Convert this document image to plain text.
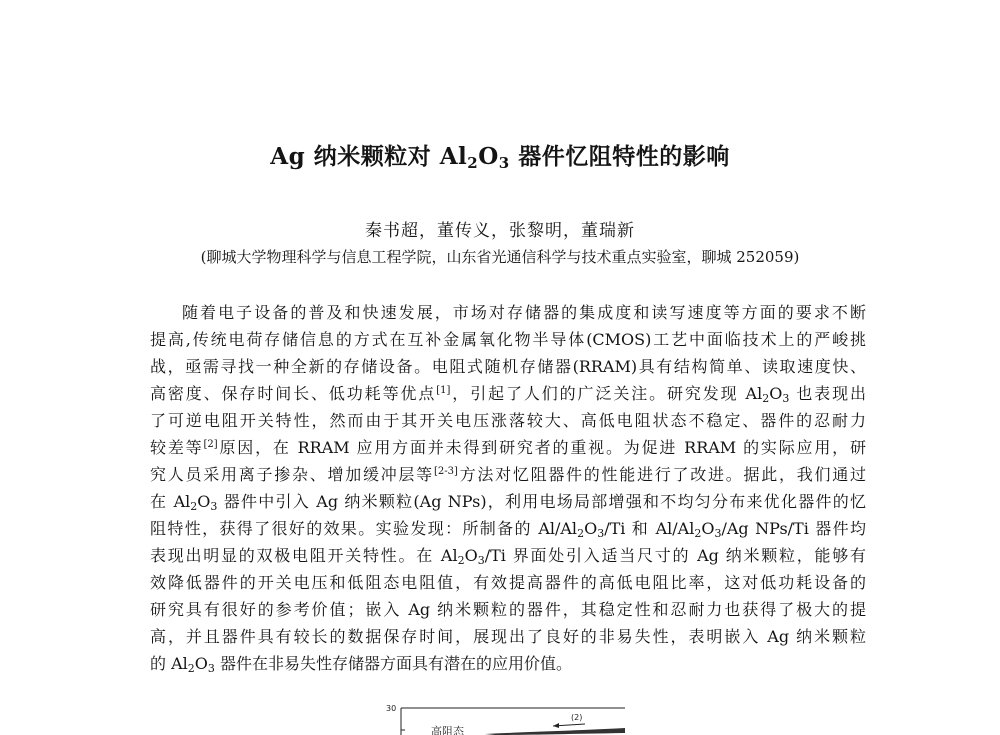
Ag 纳米颗粒对 $Al_2O_3$ 器件忆阻特性的影响
秦书超，董传义，张黎明，董瑞新
(聊城大学物理科学与信息工程学院，山东省光通信科学与技术重点实验室，聊城 252059)
随着电子设备的普及和快速发展，市场对存储器的集成度和读写速度等方面的要求不断
提高,传统电荷存储信息的方式在互补金属氧化物半导体(CMOS)工艺中面临技术上的严峻挑
战，亟需寻找一种全新的存储设备。电阻式随机存储器(RRAM)具有结构简单、读取速度快、
高密度、保存时间长、低功耗等优点[1]，引起了人们的广泛关注。研究发现 $Al_2O_3$ 也表现出
了可逆电阻开关特性，然而由于其开关电压涨落较大、高低电阻状态不稳定、器件的忍耐力
较差等[2]原因，在 RRAM 应用方面并未得到研究者的重视。为促进 RRAM 的实际应用，研
究人员采用离子掺杂、增加缓冲层等[2-3]方法对忆阻器件的性能进行了改进。据此，我们通过
在 $Al_2O_3$ 器件中引入 Ag 纳米颗粒(Ag NPs)，利用电场局部增强和不均匀分布来优化器件的忆
阻特性，获得了很好的效果。实验发现：所制备的 $Al/Al_2O_3/Ti$ 和 $Al/Al_2O_3/Ag$ NPs/Ti 器件均
表现出明显的双极电阻开关特性。在 $Al_2O_3/Ti$ 界面处引入适当尺寸的 Ag 纳米颗粒，能够有
效降低器件的开关电压和低阻态电阻值，有效提高器件的高低电阻比率，这对低功耗设备的
研究具有很好的参考价值；嵌入 Ag 纳米颗粒的器件，其稳定性和忍耐力也获得了极大的提
高，并且器件具有较长的数据保存时间，展现出了良好的非易失性，表明嵌入 Ag 纳米颗粒
的 $Al_2O_3$ 器件在非易失性存储器方面具有潜在的应用价值。
30
(2)
高阻态
